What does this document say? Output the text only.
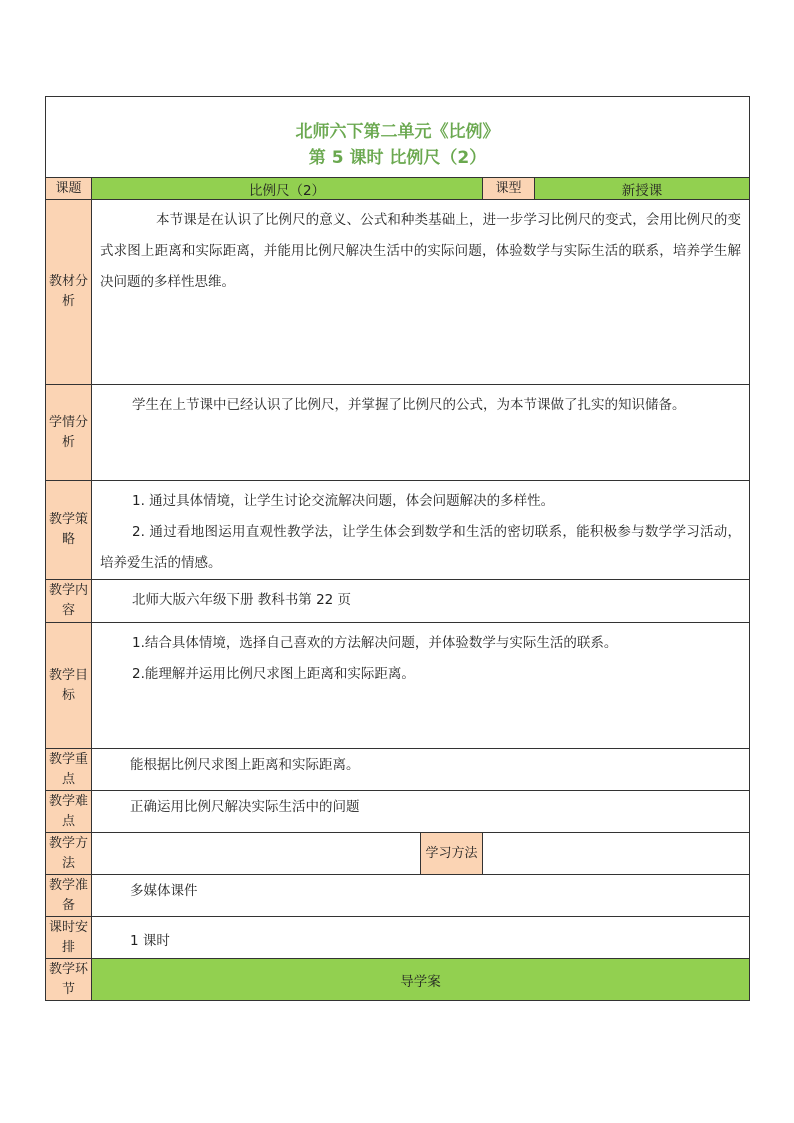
北师六下第二单元《比例》
第 5 课时 比例尺（2）				

课题	比例尺（2）		课型	新授课
教材分析	本节课是在认识了比例尺的意义、公式和种类基础上，进一步学习比例尺的变式，会用比例尺的变式求图上距离和实际距离，并能用比例尺解决生活中的实际问题，体验数学与实际生活的联系，培养学生解决问题的多样性思维。			

学情分析	学生在上节课中已经认识了比例尺，并掌握了比例尺的公式，为本节课做了扎实的知识储备。			

教学策略	1. 通过具体情境，让学生讨论交流解决问题，体会问题解决的多样性。

2. 通过看地图运用直观性教学法，让学生体会到数学和生活的密切联系，能积极参与数学学习活动，培养爱生活的情感。			

教学内容	北师大版六年级下册 教科书第 22 页			

教学目标	1.结合具体情境，选择自己喜欢的方法解决问题，并体验数学与实际生活的联系。

2.能理解并运用比例尺求图上距离和实际距离。			

教学重点	能根据比例尺求图上距离和实际距离。			
教学难点	正确运用比例尺解决实际生活中的问题			
教学方法		学习方法		
教学准备	多媒体课件			
课时安排	1 课时			
教学环节	导学案			
